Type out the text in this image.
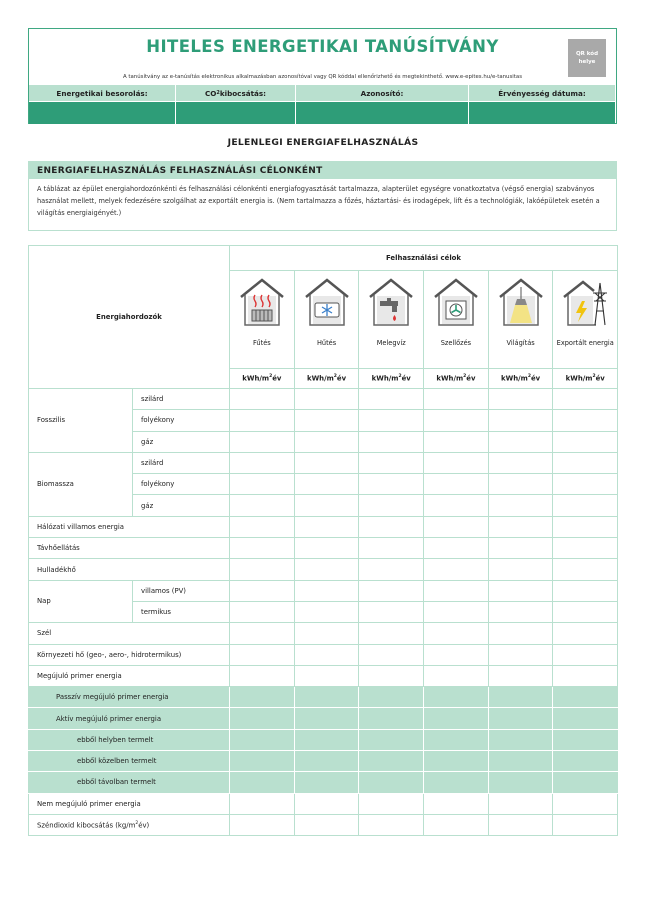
HITELES ENERGETIKAI TANÚSÍTVÁNY	QR kód helye
A tanúsítvány az e-tanúsítás elektronikus alkalmazásban azonosítóval vagy QR kóddal ellenőrizhető és megtekinthető. www.e-epites.hu/e-tanusitas
Energetikai besorolás:	CO 2 kibocsátás:	Azonosító:	Érvényesség dátuma:
JELENLEGI ENERGIAFELHASZNÁLÁS
ENERGIAFELHASZNÁLÁS FELHASZNÁLÁSI CÉLONKÉNT
A táblázat az épület energiahordozónkénti és felhasználási célonkénti energiafogyasztását tartalmazza, alapterület egységre vonatkoztatva (végső energia) szabványos használat mellett, melyek fedezésére szolgálhat az exportált energia is. (Nem tartalmazza a főzés, háztartási- és irodagépek, lift és a technológiák, lakóépületek esetén a világítás energiaigényét.)
Energiahordozók		Felhasználási célok					

Fűtés	Hűtés	Melegvíz	Szellőzés	Világítás	Exportált energia

		kWh/$m^2év$	kWh/$m^2év$	kWh/$m^2év$	kWh/$m^2év$	kWh/$m^2év$	kWh/$m^2év$
Fosszilis	szilárd						
	folyékony						
	gáz						
Biomassza	szilárd						
	folyékony						
	gáz						
Hálózati villamos energia							
Távhőellátás							
Hulladékhő							
Nap	villamos (PV)						
	termikus						
Szél							
Környezeti hő (geo-, aero-, hidrotermikus)							
Megújuló primer energia							
Passzív megújuló primer energia							
Aktív megújuló primer energia							
ebből helyben termelt							
ebből közelben termelt							
ebből távolban termelt							
Nem megújuló primer energia							
Széndioxid kibocsátás $(kg/m^2év)$							
